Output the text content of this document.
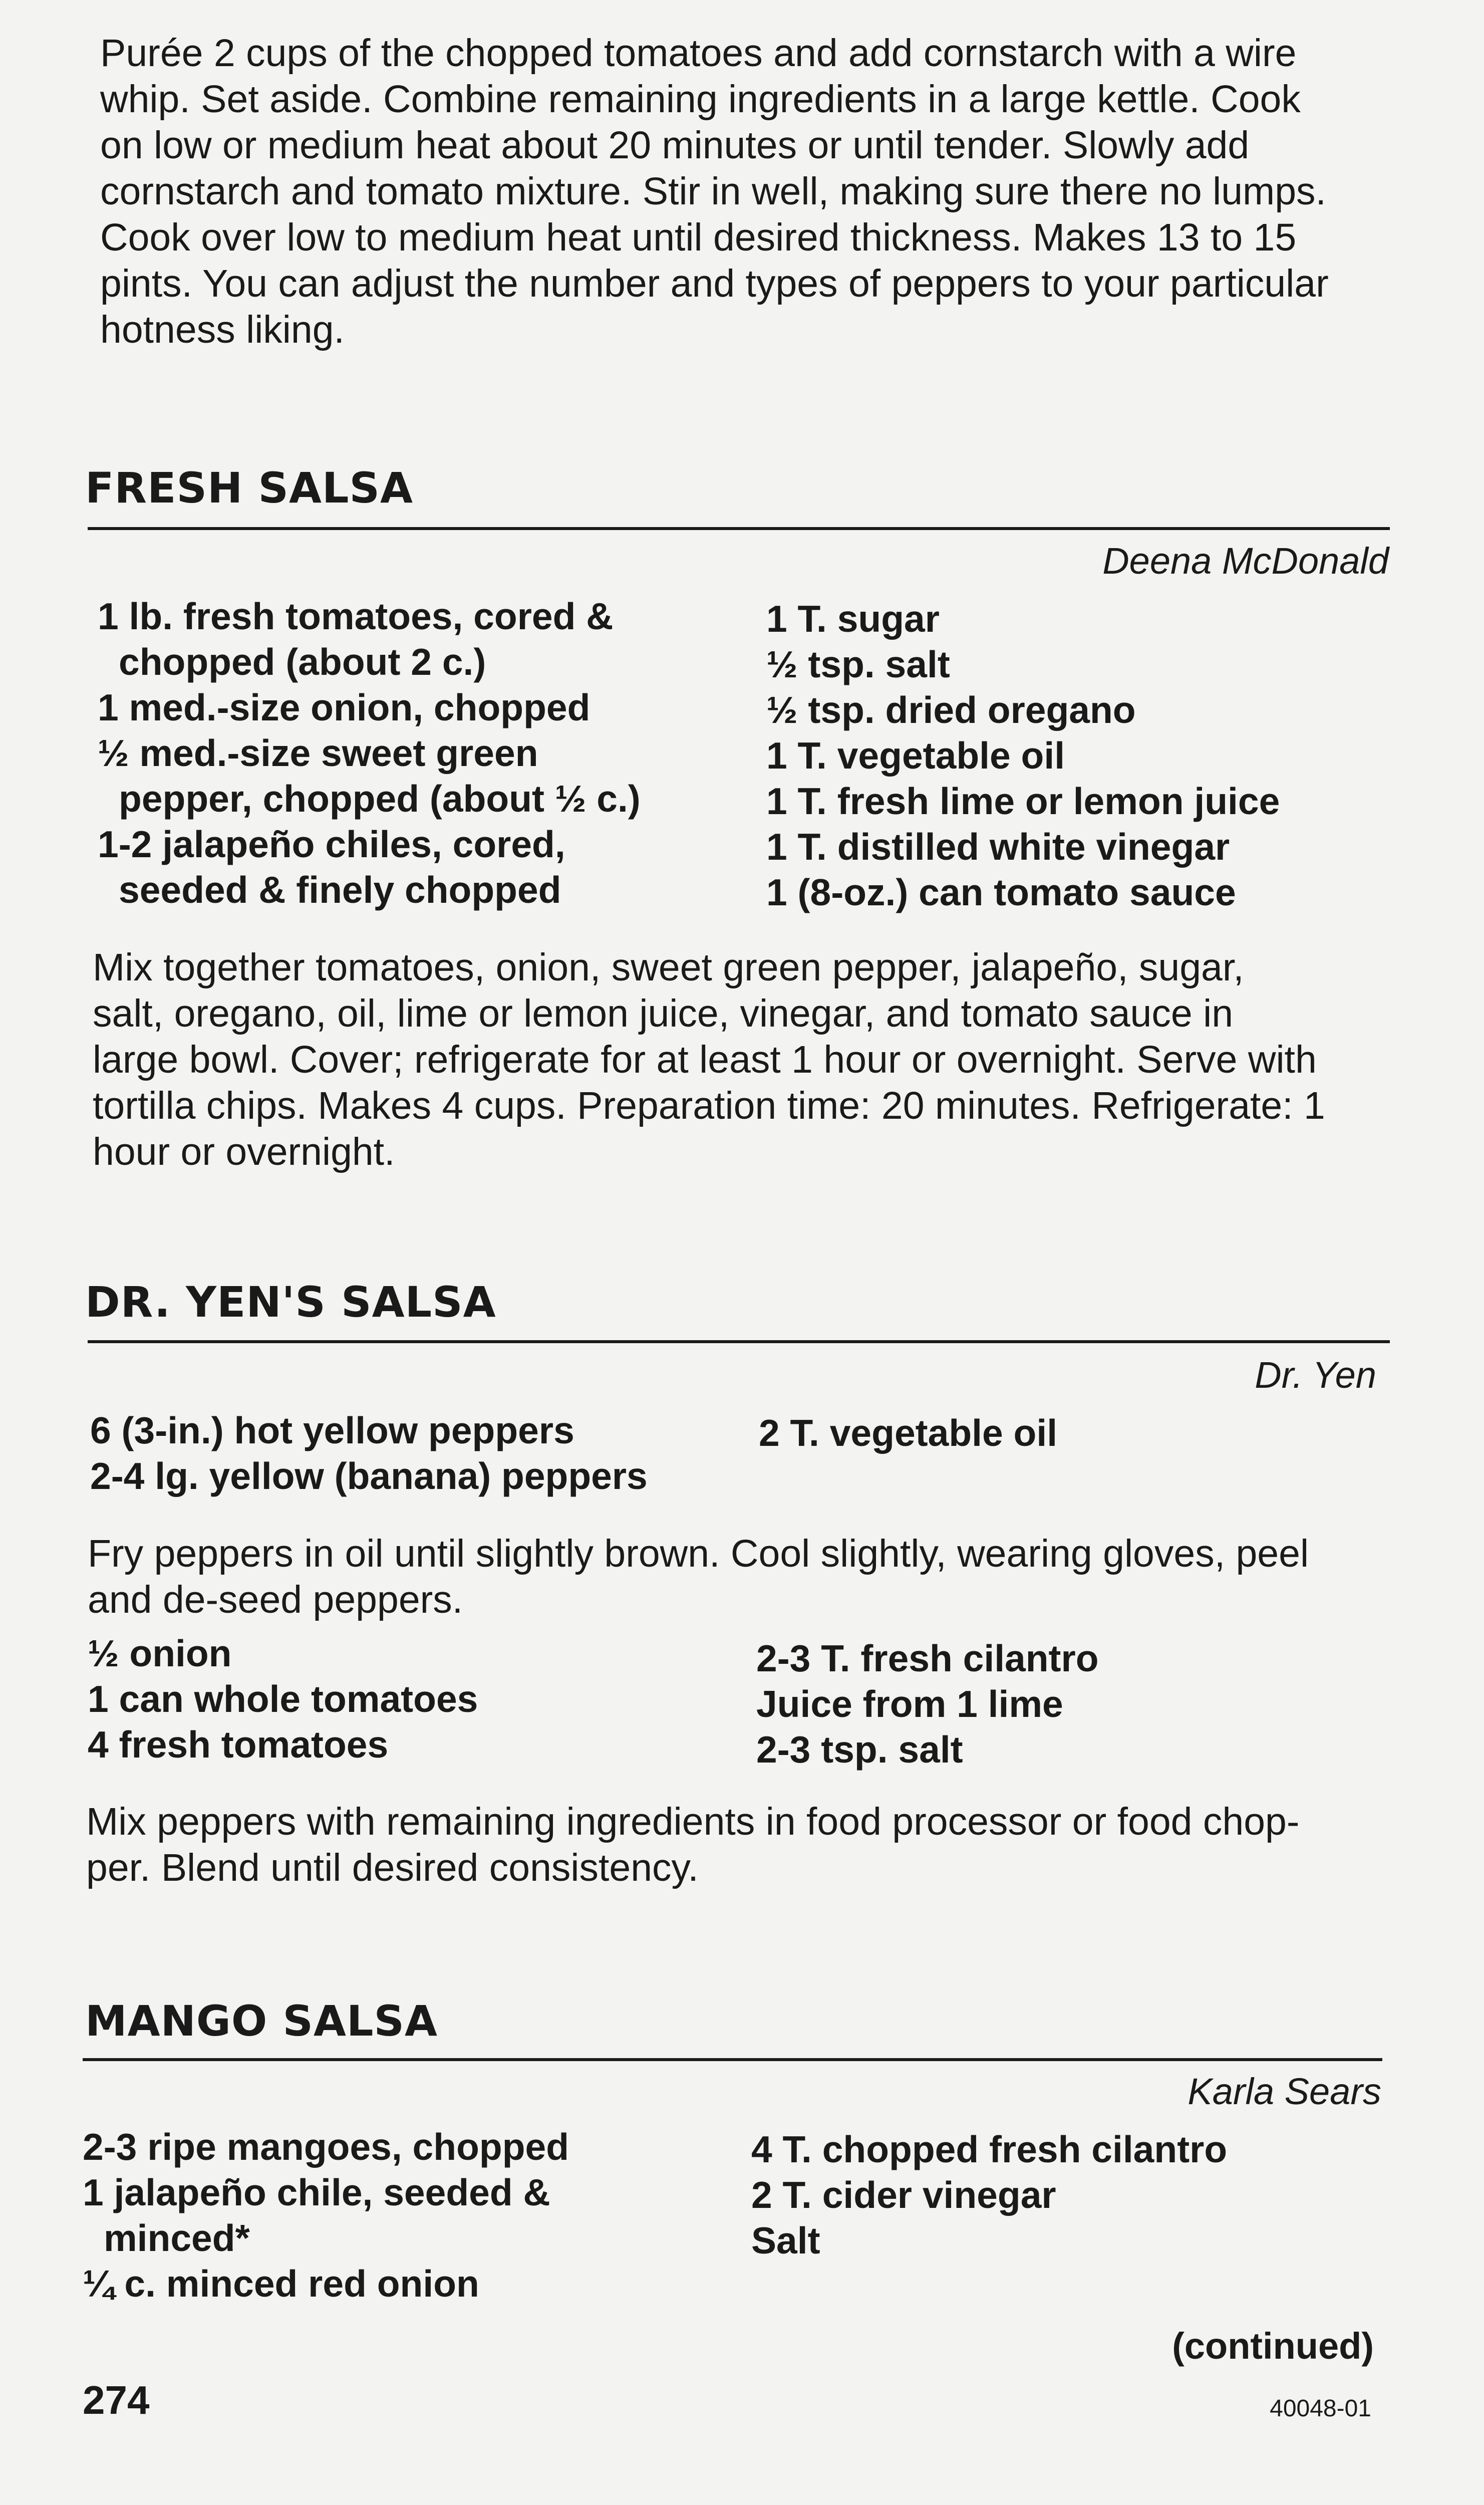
Purée 2 cups of the chopped tomatoes and add cornstarch with a wire
whip. Set aside. Combine remaining ingredients in a large kettle. Cook
on low or medium heat about 20 minutes or until tender. Slowly add
cornstarch and tomato mixture. Stir in well, making sure there no lumps.
Cook over low to medium heat until desired thickness. Makes 13 to 15
pints. You can adjust the number and types of peppers to your particular
hotness liking.
FRESH SALSA
Deena McDonald
1 lb. fresh tomatoes, cored &
chopped (about 2 c.)
1 med.-size onion, chopped
½ med.-size sweet green
pepper, chopped (about ½ c.)
1-2 jalapeño chiles, cored,
seeded & finely chopped
1 T. sugar
½ tsp. salt
½ tsp. dried oregano
1 T. vegetable oil
1 T. fresh lime or lemon juice
1 T. distilled white vinegar
1 (8-oz.) can tomato sauce
Mix together tomatoes, onion, sweet green pepper, jalapeño, sugar,
salt, oregano, oil, lime or lemon juice, vinegar, and tomato sauce in
large bowl. Cover; refrigerate for at least 1 hour or overnight. Serve with
tortilla chips. Makes 4 cups. Preparation time: 20 minutes. Refrigerate: 1
hour or overnight.
DR. YEN'S SALSA
Dr. Yen
6 (3-in.) hot yellow peppers
2-4 lg. yellow (banana) peppers
2 T. vegetable oil
Fry peppers in oil until slightly brown. Cool slightly, wearing gloves, peel
and de-seed peppers.
½ onion
1 can whole tomatoes
4 fresh tomatoes
2-3 T. fresh cilantro
Juice from 1 lime
2-3 tsp. salt
Mix peppers with remaining ingredients in food processor or food chop-
per. Blend until desired consistency.
MANGO SALSA
Karla Sears
2-3 ripe mangoes, chopped
1 jalapeño chile, seeded &
minced*
¼ c. minced red onion
4 T. chopped fresh cilantro
2 T. cider vinegar
Salt
(continued)
274	40048-01
